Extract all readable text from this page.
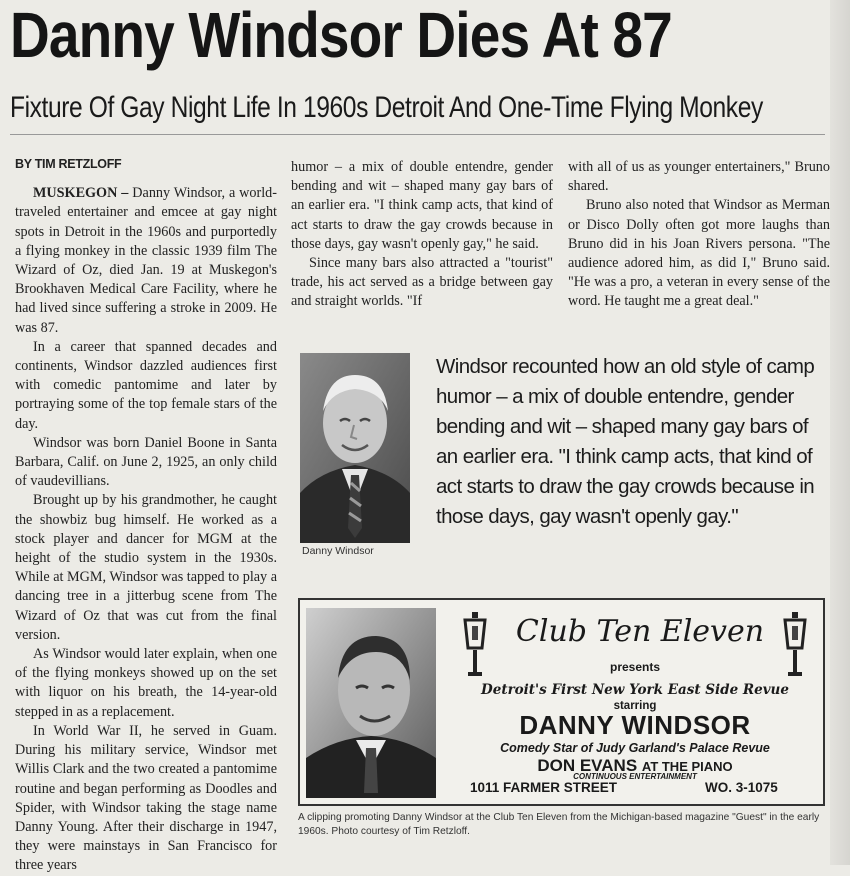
Danny Windsor Dies At 87
Fixture Of Gay Night Life In 1960s Detroit And One-Time Flying Monkey
BY TIM RETZLOFF

MUSKEGON – Danny Windsor, a world-traveled entertainer and emcee at gay night spots in Detroit in the 1960s and purportedly a flying monkey in the classic 1939 film The Wizard of Oz, died Jan. 19 at Muskegon's Brookhaven Medical Care Facility, where he had lived since suffering a stroke in 2009. He was 87.

In a career that spanned decades and continents, Windsor dazzled audiences first with comedic pantomime and later by portraying some of the top female stars of the day.

Windsor was born Daniel Boone in Santa Barbara, Calif. on June 2, 1925, an only child of vaudevillians.

Brought up by his grandmother, he caught the showbiz bug himself. He worked as a stock player and dancer for MGM at the height of the studio system in the 1930s. While at MGM, Windsor was tapped to play a dancing tree in a jitterbug scene from The Wizard of Oz that was cut from the final version.

As Windsor would later explain, when one of the flying monkeys showed up on the set with liquor on his breath, the 14-year-old stepped in as a replacement.

In World War II, he served in Guam. During his military service, Windsor met Willis Clark and the two created a pantomime routine and began performing as Doodles and Spider, with Windsor taking the stage name Danny Young. After their discharge in 1947, they were mainstays in San Francisco for three years

humor – a mix of double entendre, gender bending and wit – shaped many gay bars of an earlier era. "I think camp acts, that kind of act starts to draw the gay crowds because in those days, gay wasn't openly gay," he said.

Since many bars also attracted a "tourist" trade, his act served as a bridge between gay and straight worlds. "If

with all of us as younger entertainers," Bruno shared.

Bruno also noted that Windsor as Merman or Disco Dolly often got more laughs than Bruno did in his Joan Rivers persona. "The audience adored him, as did I," Bruno said. "He was a pro, a veteran in every sense of the word. He taught me a great deal."

Danny Windsor

Windsor recounted how an old style of camp humor – a mix of double entendre, gender bending and wit – shaped many gay bars of an earlier era. "I think camp acts, that kind of act starts to draw the gay crowds because in those days, gay wasn't openly gay."

Club Ten Eleven
presents
Detroit's First New York East Side Revue
starring
DANNY WINDSOR
Comedy Star of Judy Garland's Palace Revue
DON EVANS AT THE PIANO
CONTINUOUS ENTERTAINMENT
1011 FARMER STREET	WO. 3-1075
A clipping promoting Danny Windsor at the Club Ten Eleven from the Michigan-based magazine "Guest" in the early 1960s. Photo courtesy of Tim Retzloff.
